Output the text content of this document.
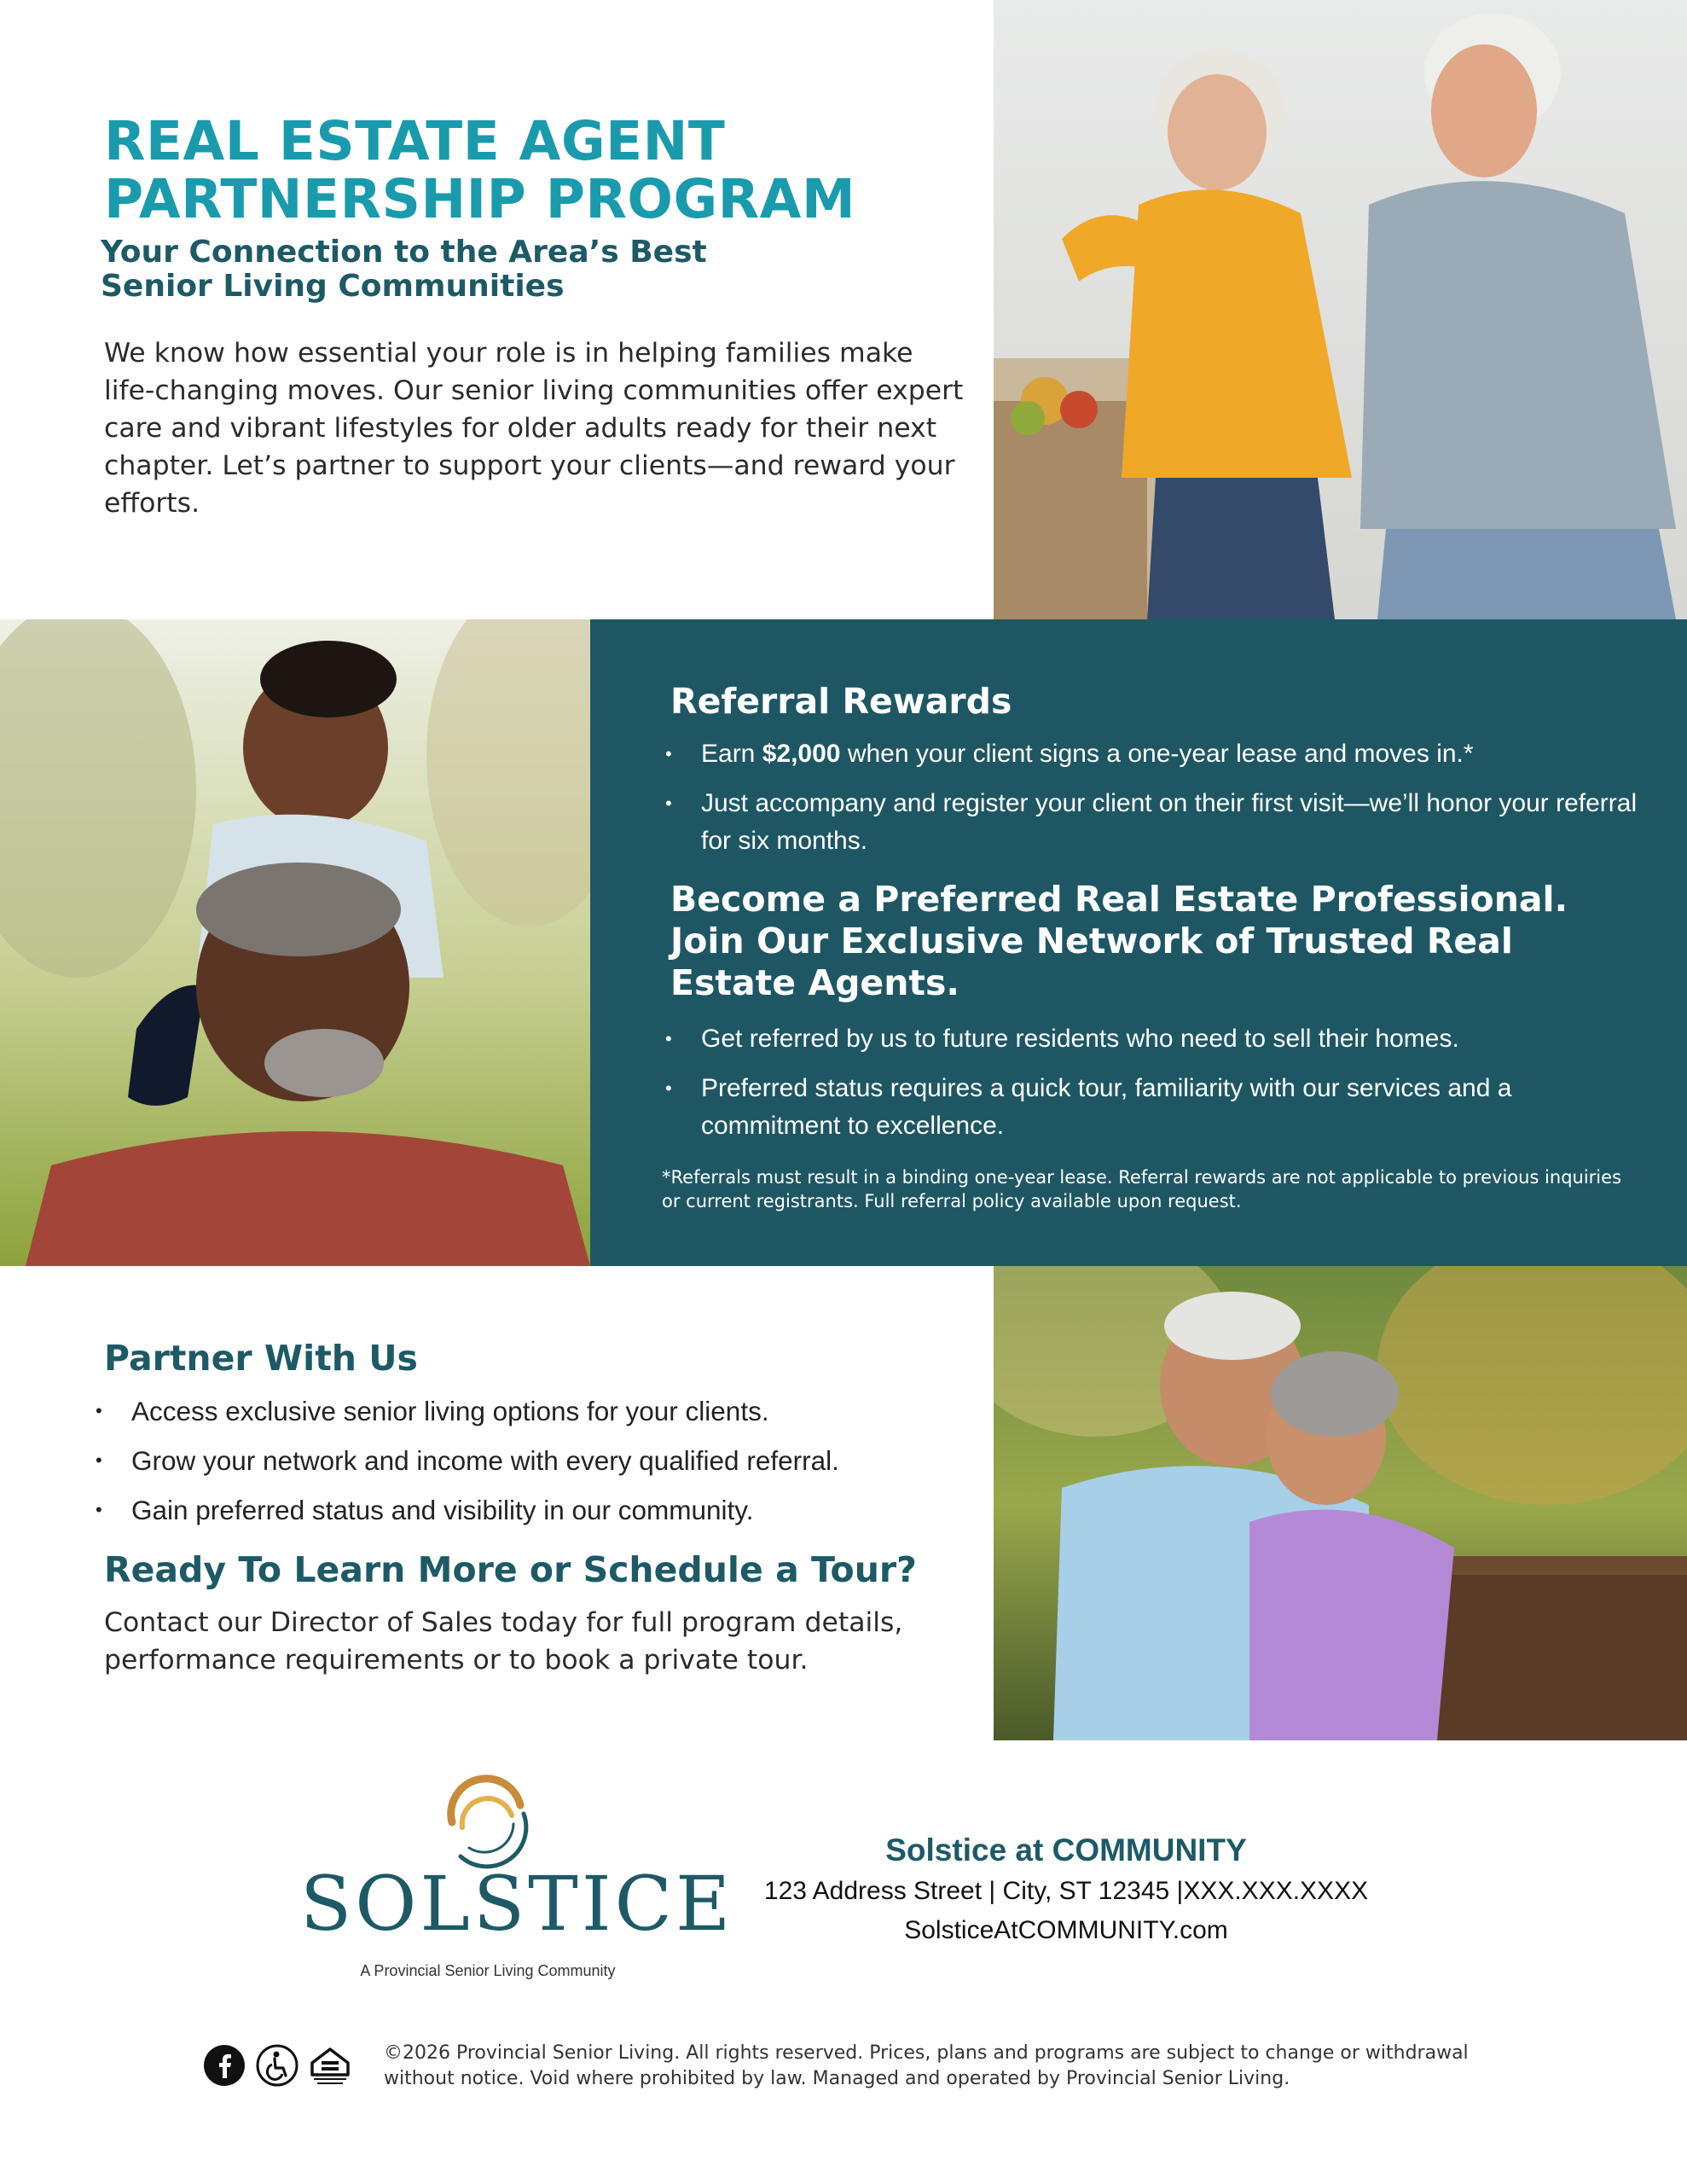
REAL ESTATE AGENT
PARTNERSHIP PROGRAM
Your Connection to the Area’s Best
Senior Living Communities

We know how essential your role is in helping families make life-changing moves. Our senior living communities offer expert care and vibrant lifestyles for older adults ready for their next chapter. Let’s partner to support your clients—and reward your efforts.

Referral Rewards
• Earn $2,000 when your client signs a one-year lease and moves in.*
• Just accompany and register your client on their first visit—we’ll honor your referral for six months.
Become a Preferred Real Estate Professional. Join Our Exclusive Network of Trusted Real Estate Agents.
• Get referred by us to future residents who need to sell their homes.
• Preferred status requires a quick tour, familiarity with our services and a commitment to excellence.

*Referrals must result in a binding one-year lease. Referral rewards are not applicable to previous inquiries or current registrants. Full referral policy available upon request.

Partner With Us
• Access exclusive senior living options for your clients.
• Grow your network and income with every qualified referral.
• Gain preferred status and visibility in our community.
Ready To Learn More or Schedule a Tour?

Contact our Director of Sales today for full program details, performance requirements or to book a private tour.

SOLSTICE
A Provincial Senior Living Community
Solstice at COMMUNITY
123 Address Street | City, ST 12345 |XXX.XXX.XXXX
SolsticeAtCOMMUNITY.com

©2026 Provincial Senior Living. All rights reserved. Prices, plans and programs are subject to change or withdrawal without notice. Void where prohibited by law. Managed and operated by Provincial Senior Living.
